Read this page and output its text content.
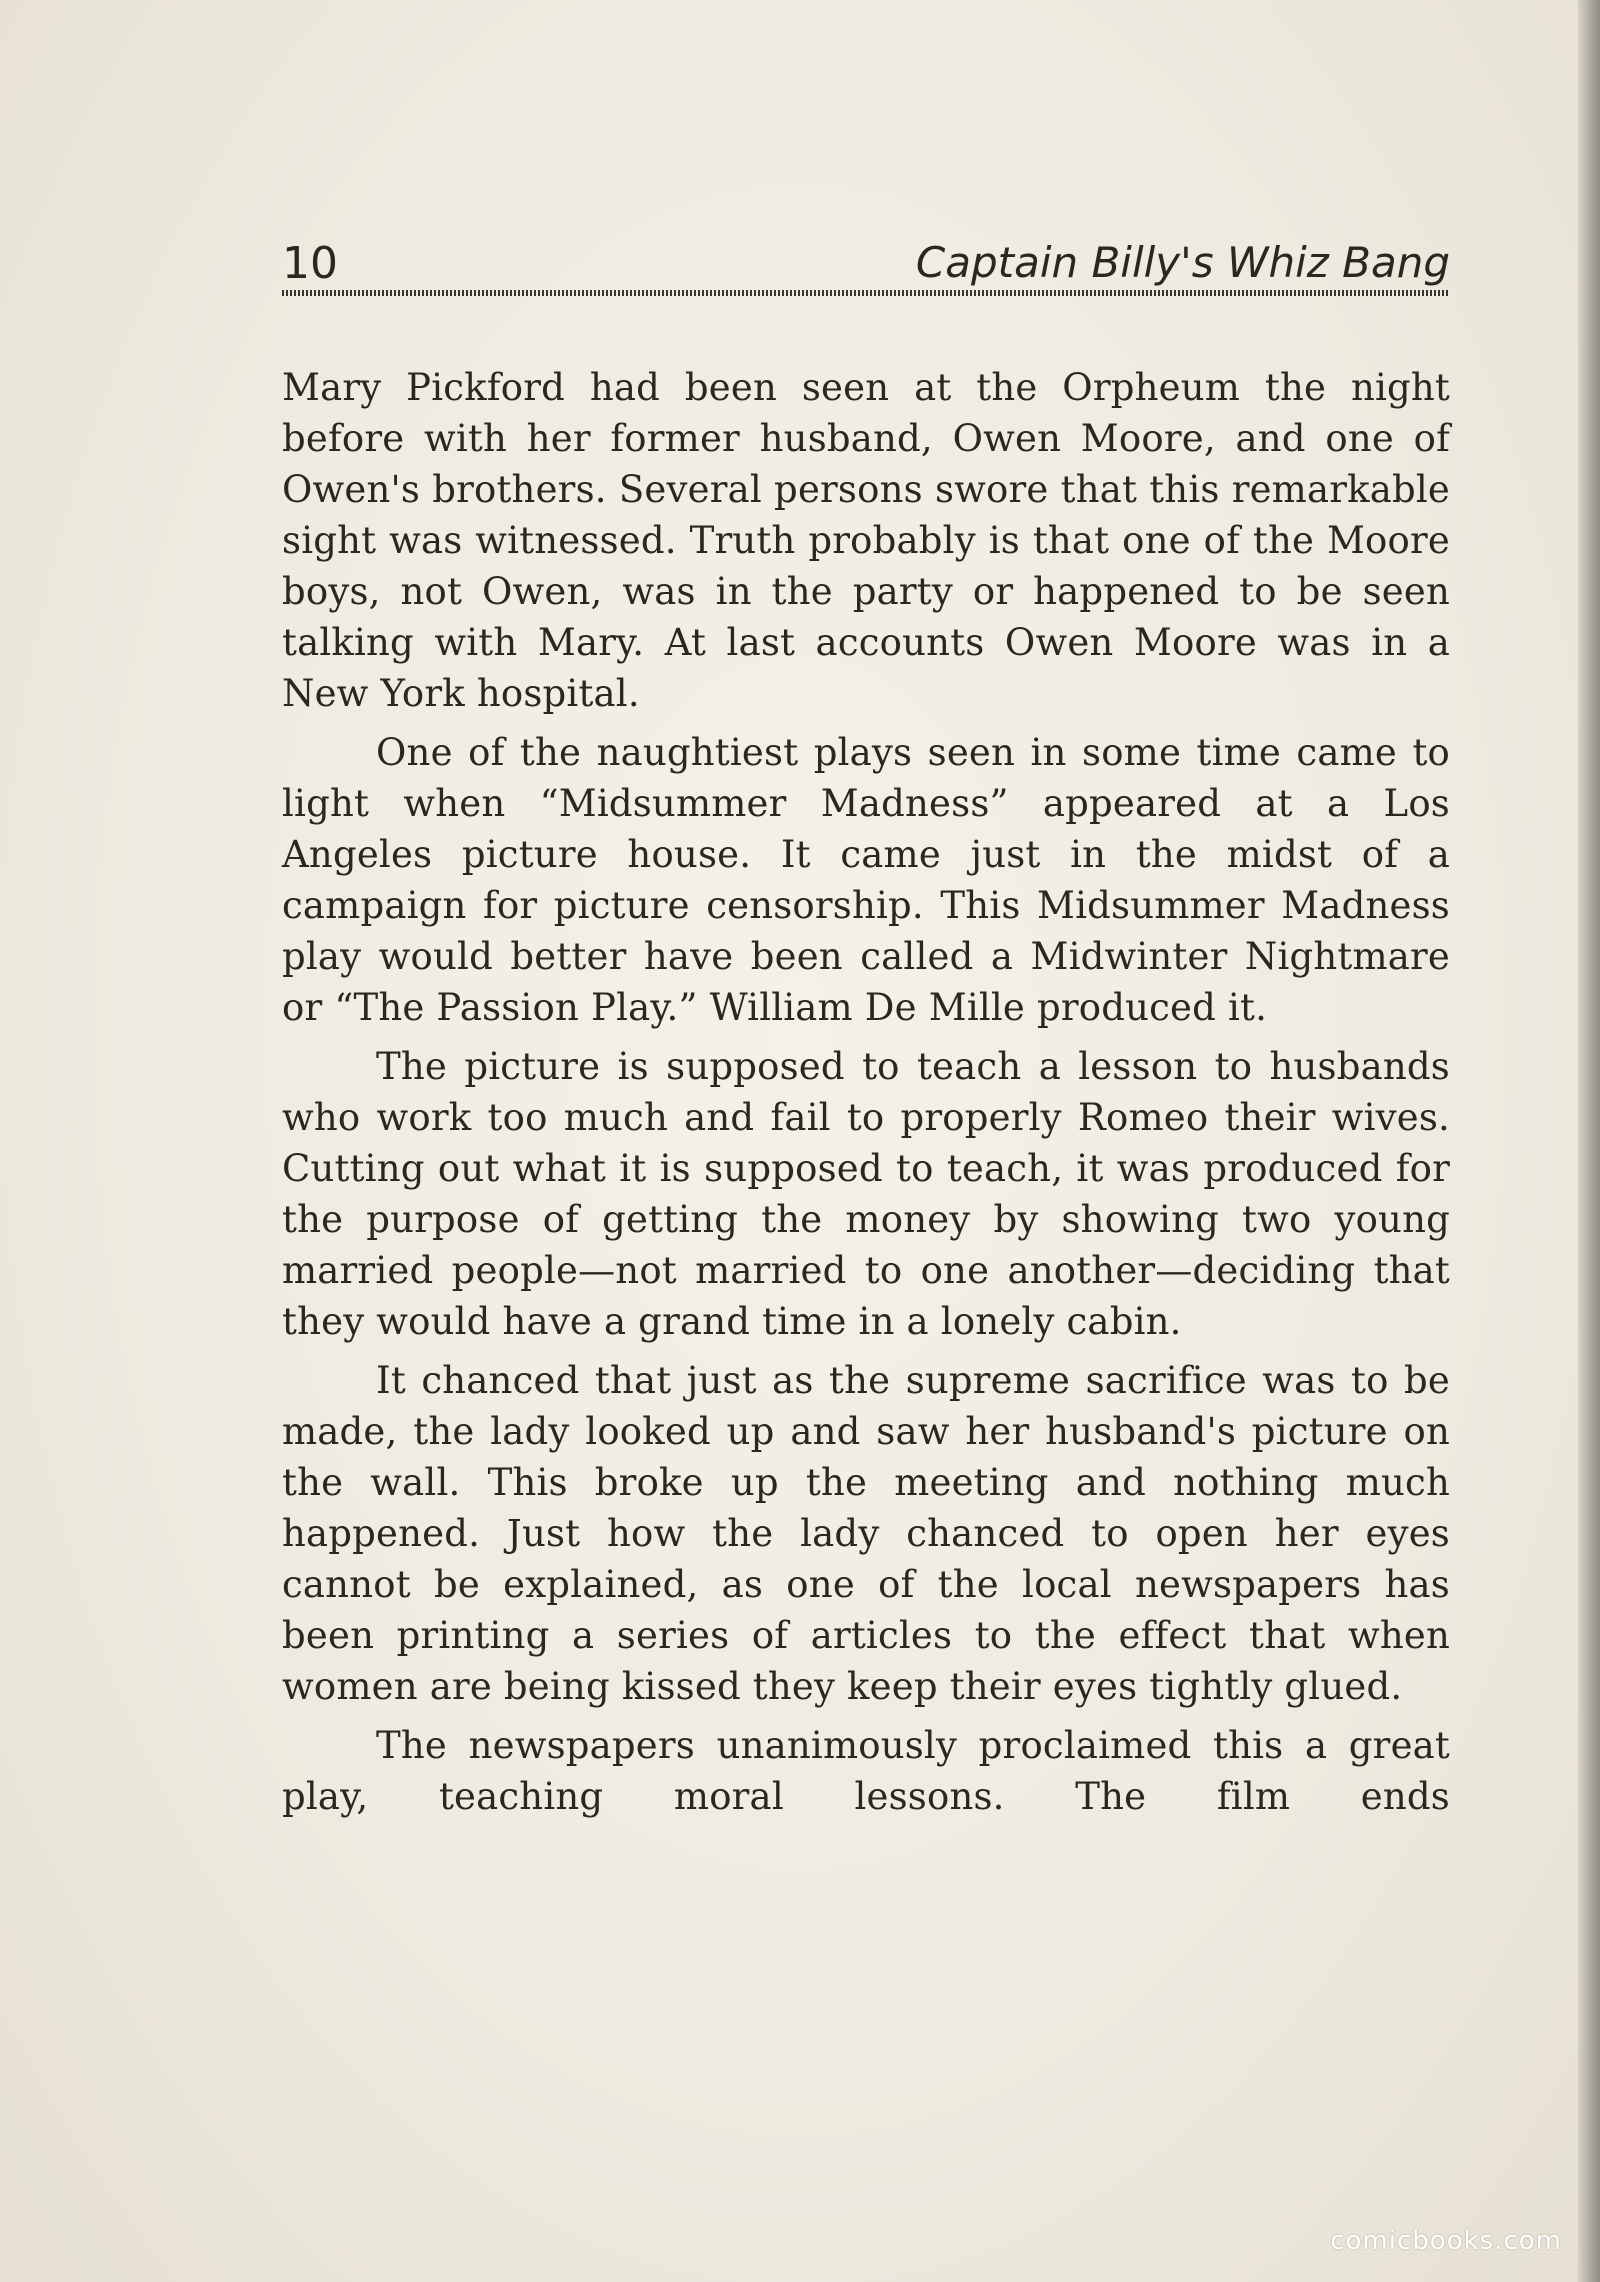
10	Captain Billy's Whiz Bang

Mary Pickford had been seen at the Orpheum the night before with her former husband, Owen Moore, and one of Owen's brothers. Several persons swore that this remarkable sight was witnessed. Truth probably is that one of the Moore boys, not Owen, was in the party or happened to be seen talking with Mary. At last accounts Owen Moore was in a New York hospital.

One of the naughtiest plays seen in some time came to light when “Midsummer Madness” appeared at a Los Angeles picture house. It came just in the midst of a campaign for picture censorship. This Midsummer Madness play would better have been called a Midwinter Nightmare or “The Passion Play.” William De Mille produced it.

The picture is supposed to teach a lesson to husbands who work too much and fail to properly Romeo their wives. Cutting out what it is supposed to teach, it was produced for the purpose of getting the money by showing two young married people—not married to one another—deciding that they would have a grand time in a lonely cabin.

It chanced that just as the supreme sacrifice was to be made, the lady looked up and saw her husband's picture on the wall. This broke up the meeting and nothing much happened. Just how the lady chanced to open her eyes cannot be explained, as one of the local newspapers has been printing a series of articles to the effect that when women are being kissed they keep their eyes tightly glued.

The newspapers unanimously proclaimed this a great play, teaching moral lessons. The film ends

comicbooks.com
